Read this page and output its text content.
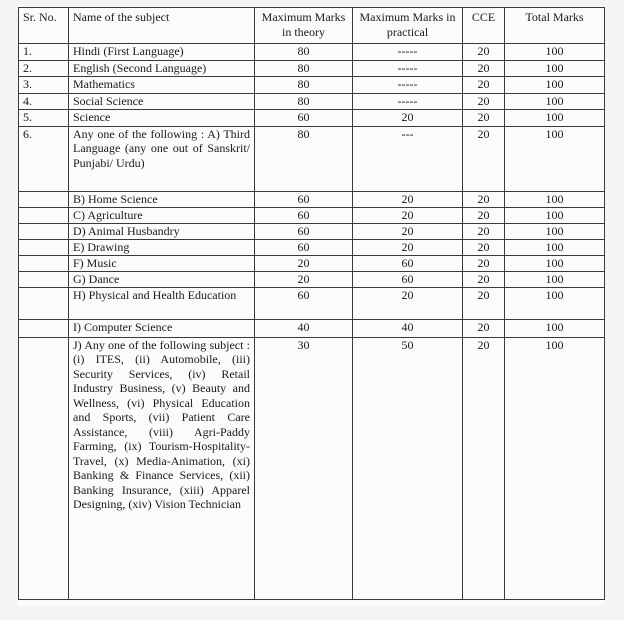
Sr. No.	Name of the subject	Maximum Marks in theory	Maximum Marks in practical	CCE	Total Marks
1.	Hindi (First Language)	80	-----	20	100
2.	English (Second Language)	80	-----	20	100
3.	Mathematics	80	-----	20	100
4.	Social Science	80	-----	20	100
5.	Science	60	20	20	100
6.	Any one of the following : A) Third Language (any one out of Sanskrit/ Punjabi/ Urdu)	80	---	20	100
	B) Home Science	60	20	20	100
	C) Agriculture	60	20	20	100
	D) Animal Husbandry	60	20	20	100
	E) Drawing	60	20	20	100
	F) Music	20	60	20	100
	G) Dance	20	60	20	100
	H) Physical and Health Education	60	20	20	100
	I) Computer Science	40	40	20	100
	J) Any one of the following subject : (i) ITES, (ii) Automobile, (iii) Security Services, (iv) Retail Industry Business, (v) Beauty and Wellness, (vi) Physical Education and Sports, (vii) Patient Care Assistance, (viii) Agri-Paddy Farming, (ix) Tourism-Hospitality-Travel, (x) Media-Animation, (xi) Banking & Finance Services, (xii) Banking Insurance, (xiii) Apparel Designing, (xiv) Vision Technician	30	50	20	100
